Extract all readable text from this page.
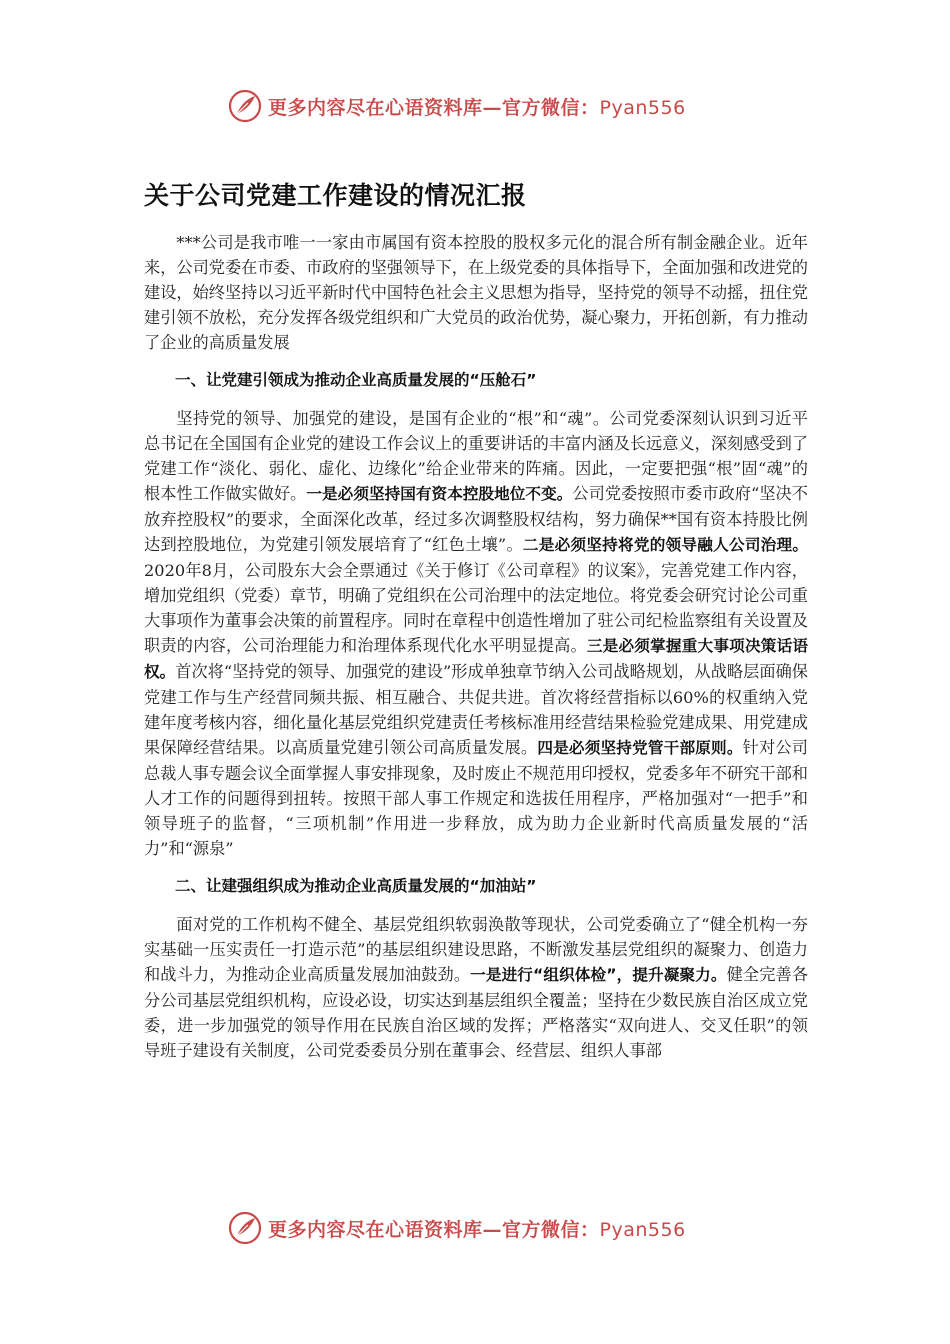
更多内容尽在心语资料库—官方微信：Pyan556
关于公司党建工作建设的情况汇报

***公司是我市唯一一家由市属国有资本控股的股权多元化的混合所有制金融企业。近年来，公司党委在市委、市政府的坚强领导下，在上级党委的具体指导下，全面加强和改进党的建设，始终坚持以习近平新时代中国特色社会主义思想为指导，坚持党的领导不动摇，扭住党建引领不放松，充分发挥各级党组织和广大党员的政治优势，凝心聚力，开拓创新，有力推动了企业的高质量发展

一、让党建引领成为推动企业高质量发展的“压舱石”

坚持党的领导、加强党的建设，是国有企业的“根”和“魂”。公司党委深刻认识到习近平总书记在全国国有企业党的建设工作会议上的重要讲话的丰富内涵及长远意义，深刻感受到了党建工作“淡化、弱化、虚化、边缘化”给企业带来的阵痛。因此，一定要把强“根”固“魂”的根本性工作做实做好。一是必须坚持国有资本控股地位不变。公司党委按照市委市政府“坚决不放弃控股权”的要求，全面深化改革，经过多次调整股权结构，努力确保**国有资本持股比例达到控股地位，为党建引领发展培育了“红色土壤”。二是必须坚持将党的领导融人公司治理。2020年8月，公司股东大会全票通过《关于修订《公司章程》的议案》，完善党建工作内容，增加党组织（党委）章节，明确了党组织在公司治理中的法定地位。将党委会研究讨论公司重大事项作为董事会决策的前置程序。同时在章程中创造性增加了驻公司纪检监察组有关设置及职责的内容，公司治理能力和治理体系现代化水平明显提高。三是必须掌握重大事项决策话语权。首次将“坚持党的领导、加强党的建设”形成单独章节纳入公司战略规划，从战略层面确保党建工作与生产经营同频共振、相互融合、共促共进。首次将经营指标以60%的权重纳入党建年度考核内容，细化量化基层党组织党建责任考核标准用经营结果检验党建成果、用党建成果保障经营结果。以高质量党建引领公司高质量发展。四是必须坚持党管干部原则。针对公司总裁人事专题会议全面掌握人事安排现象，及时废止不规范用印授权，党委多年不研究干部和人才工作的问题得到扭转。按照干部人事工作规定和选拔任用程序，严格加强对“一把手”和领导班子的监督，“三项机制”作用进一步释放，成为助力企业新时代高质量发展的“活力”和“源泉”

二、让建强组织成为推动企业高质量发展的“加油站”

面对党的工作机构不健全、基层党组织软弱涣散等现状，公司党委确立了“健全机构一夯实基础一压实责任一打造示范”的基层组织建设思路，不断激发基层党组织的凝聚力、创造力和战斗力，为推动企业高质量发展加油鼓劲。一是进行“组织体检”，提升凝聚力。健全完善各分公司基层党组织机构，应设必设，切实达到基层组织全覆盖；坚持在少数民族自治区成立党委，进一步加强党的领导作用在民族自治区域的发挥；严格落实“双向进人、交叉任职”的领导班子建设有关制度，公司党委委员分别在董事会、经营层、组织人事部

更多内容尽在心语资料库—官方微信：Pyan556
